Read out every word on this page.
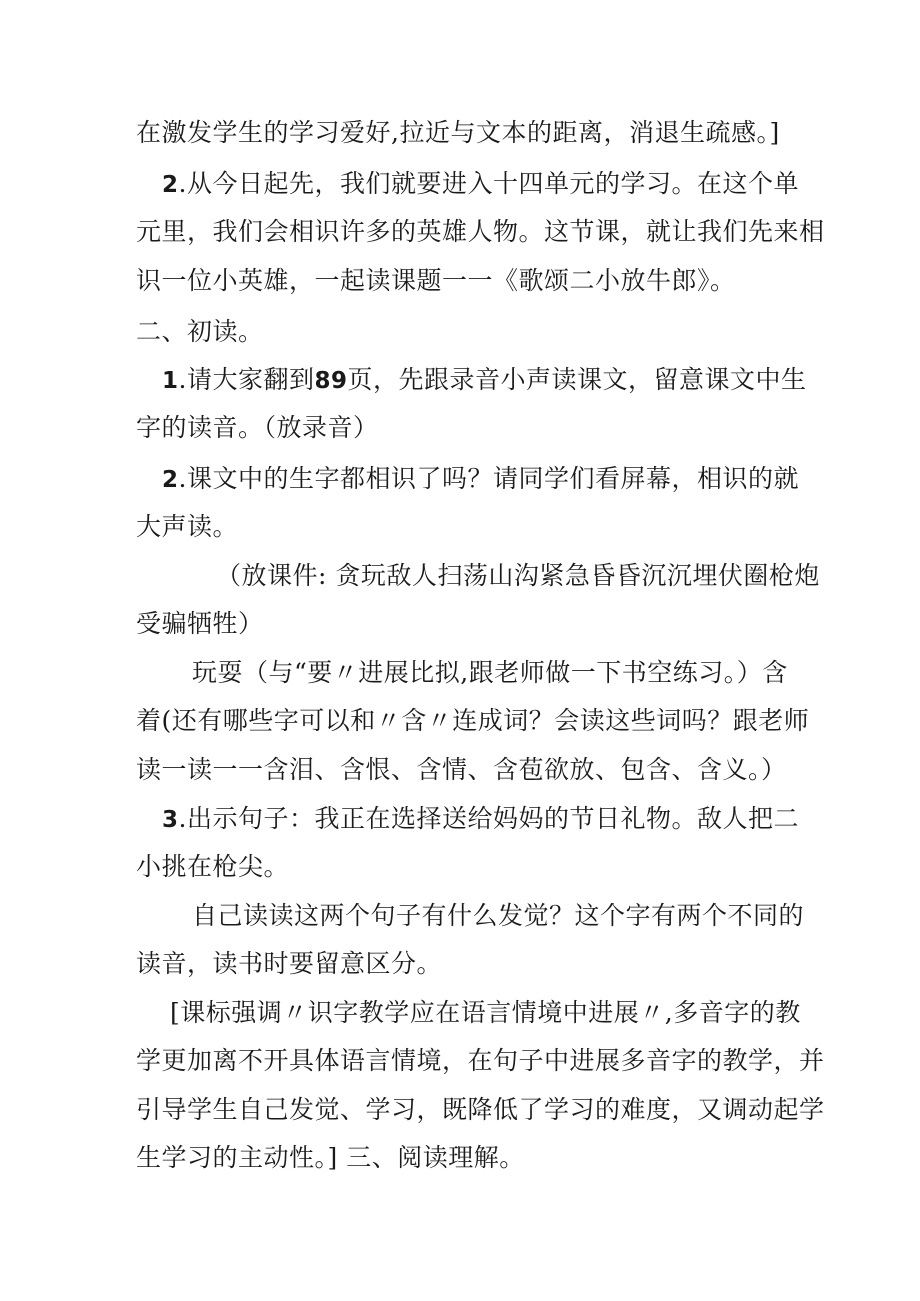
在激发学生的学习爱好,拉近与文本的距离，消退生疏感。]
2.从今日起先，我们就要进入十四单元的学习。在这个单
元里，我们会相识许多的英雄人物。这节课，就让我们先来相
识一位小英雄，一起读课题一一《歌颂二小放牛郎》。
二、初读。
1.请大家翻到89页，先跟录音小声读课文，留意课文中生
字的读音。（放录音）
2.课文中的生字都相识了吗？请同学们看屏幕，相识的就
大声读。
（放课件: 贪玩敌人扫荡山沟紧急昏昏沉沉埋伏圈枪炮
受骗牺牲）
玩耍（与“要〃进展比拟,跟老师做一下书空练习。）含
着(还有哪些字可以和〃含〃连成词？会读这些词吗？跟老师
读一读一一含泪、含恨、含情、含苞欲放、包含、含义。）
3.出示句子：我正在选择送给妈妈的节日礼物。敌人把二
小挑在枪尖。
自己读读这两个句子有什么发觉？这个字有两个不同的
读音，读书时要留意区分。
[课标强调〃识字教学应在语言情境中进展〃,多音字的教
学更加离不开具体语言情境，在句子中进展多音字的教学，并
引导学生自己发觉、学习，既降低了学习的难度，又调动起学
生学习的主动性。] 三、阅读理解。
